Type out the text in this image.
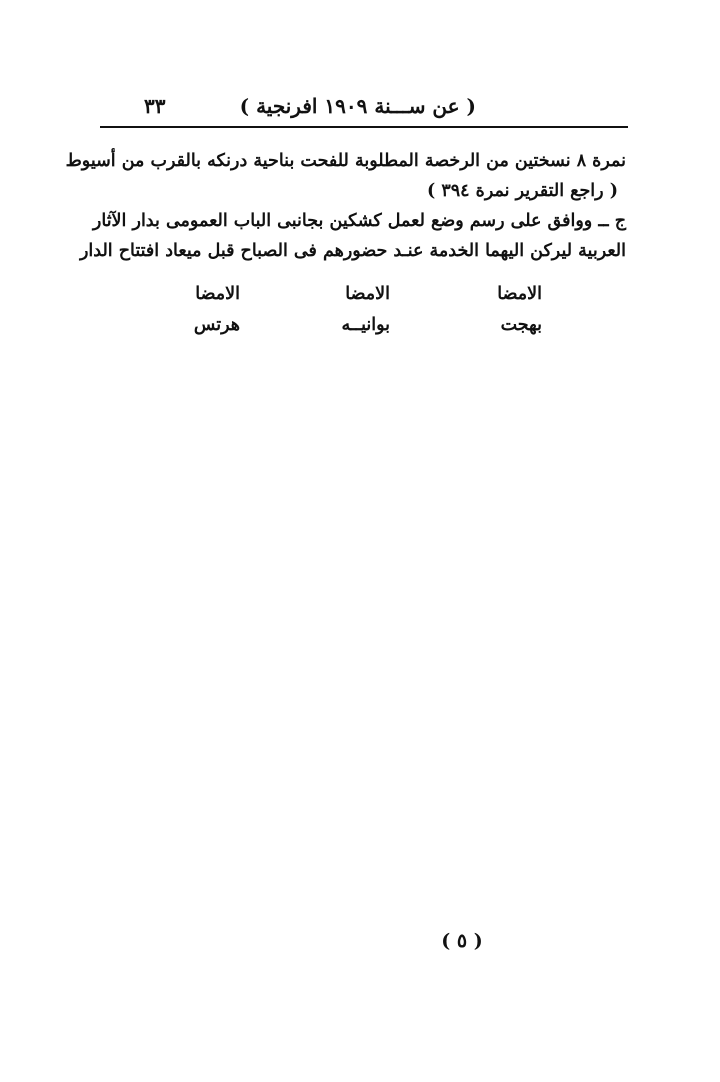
( عن ســـنة ١٩٠٩ افرنجية )
٣٣
نمرة ٨ نسختين من الرخصة المطلوبة للفحت بناحية درنكه بالقرب من أسيوط
( راجع التقرير نمرة ٣٩٤ )
ج ــ ووافق على رسم وضع لعمل كشكين بجانبى الباب العمومى بدار الآثار
العربية ليركن اليهما الخدمة عنـد حضورهم فى الصباح قبل ميعاد افتتاح الدار
الامضا
الامضا
الامضا
بهجت
بوانيــه
هرتس
( ٥ )
